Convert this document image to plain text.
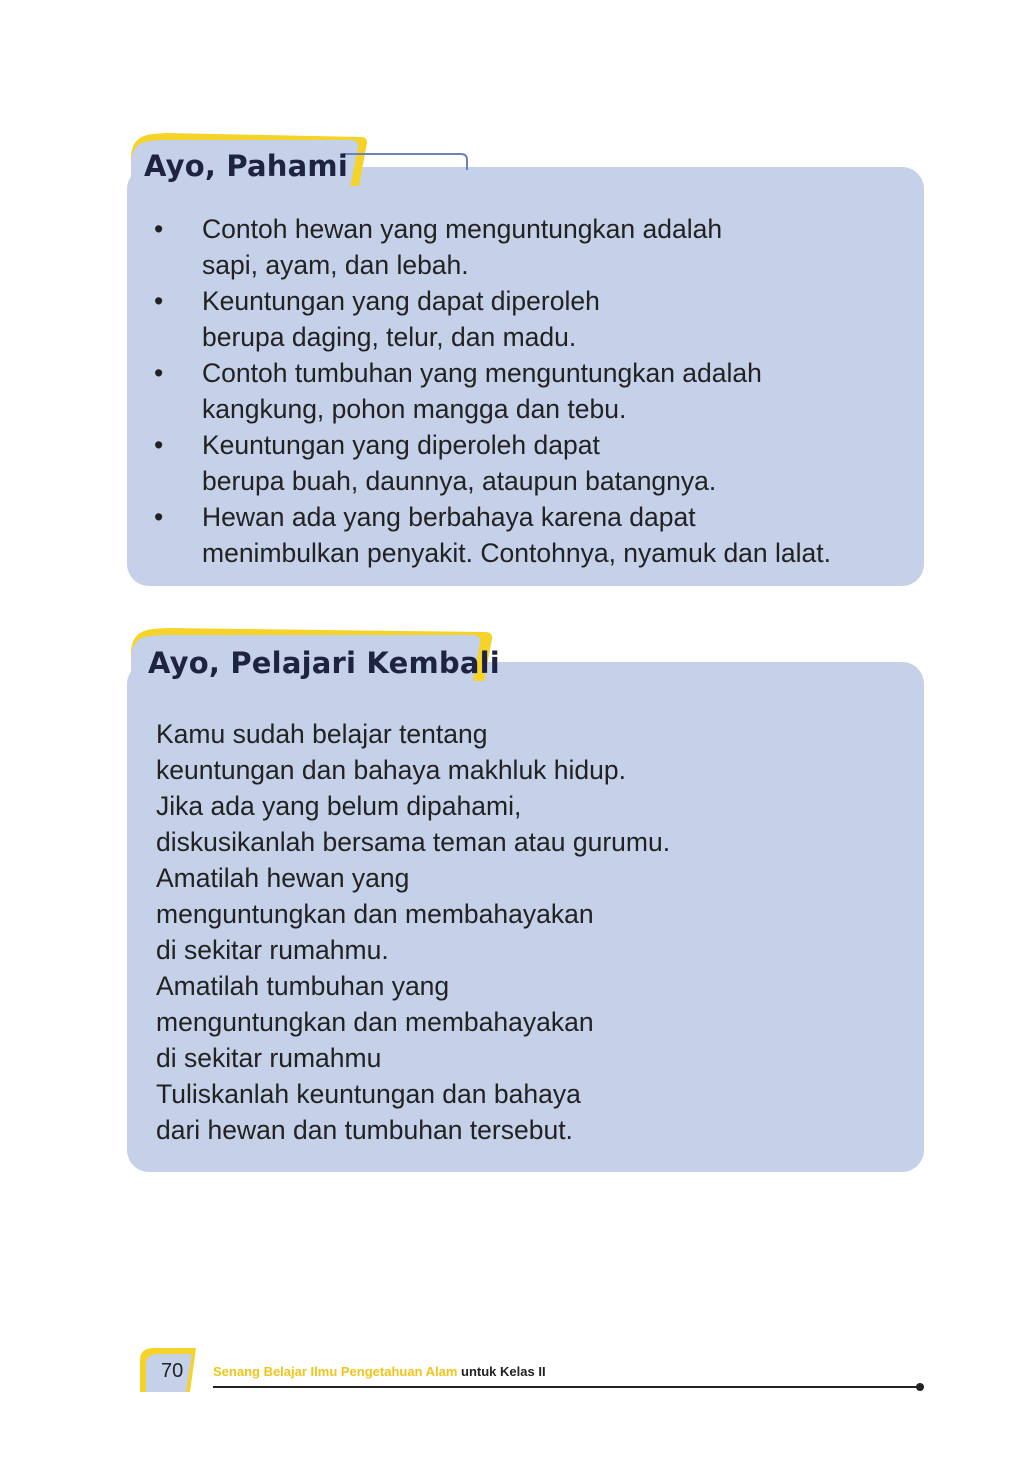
Ayo, Pahami
• Contoh hewan yang menguntungkan adalah
sapi, ayam, dan lebah.
• Keuntungan yang dapat diperoleh
berupa daging, telur, dan madu.
• Contoh tumbuhan yang menguntungkan adalah
kangkung, pohon mangga dan tebu.
• Keuntungan yang diperoleh dapat
berupa buah, daunnya, ataupun batangnya.
• Hewan ada yang berbahaya karena dapat
menimbulkan penyakit. Contohnya, nyamuk dan lalat.
Ayo, Pelajari Kembali
Kamu sudah belajar tentang
keuntungan dan bahaya makhluk hidup.
Jika ada yang belum dipahami,
diskusikanlah bersama teman atau gurumu.
Amatilah hewan yang
menguntungkan dan membahayakan
di sekitar rumahmu.
Amatilah tumbuhan yang
menguntungkan dan membahayakan
di sekitar rumahmu
Tuliskanlah keuntungan dan bahaya
dari hewan dan tumbuhan tersebut.
70 Senang Belajar Ilmu Pengetahuan Alam untuk Kelas II
